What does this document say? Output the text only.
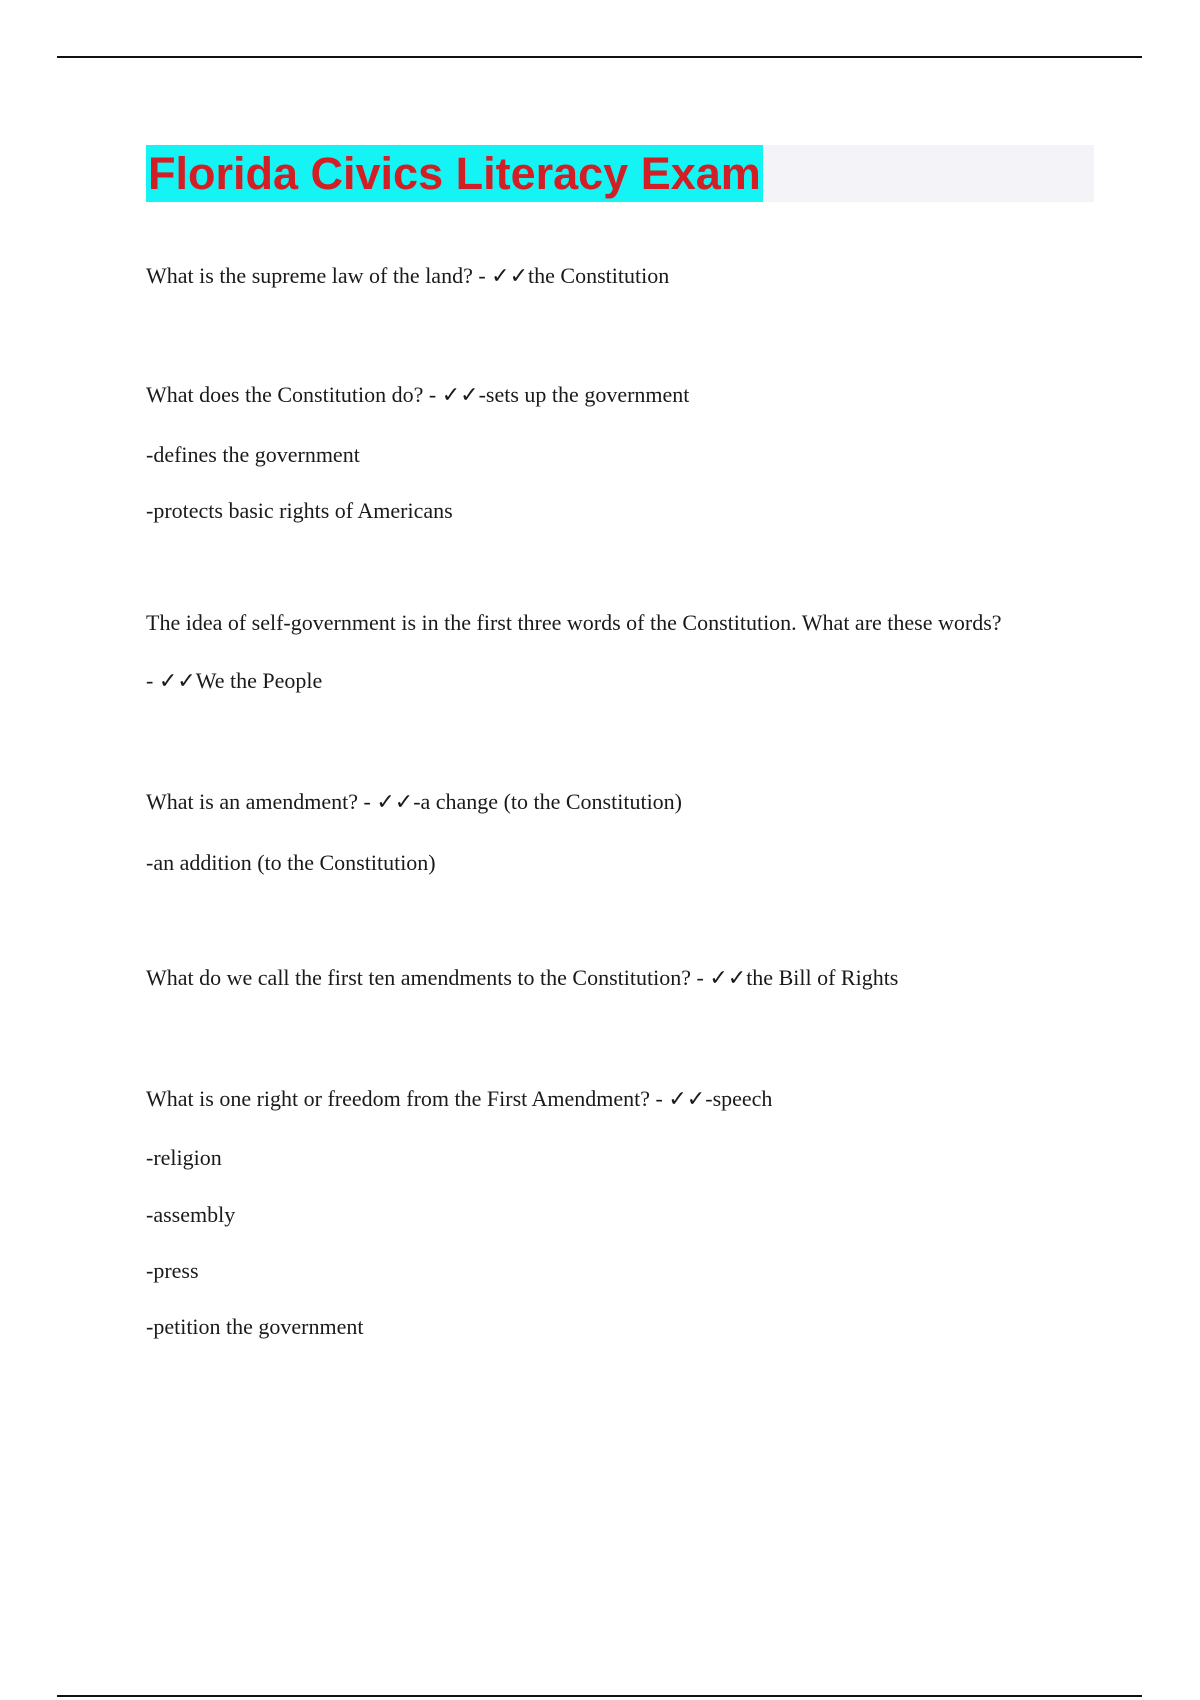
Florida Civics Literacy Exam
What is the supreme law of the land? - ✓✓the Constitution
What does the Constitution do? - ✓✓-sets up the government
-defines the government
-protects basic rights of Americans
The idea of self-government is in the first three words of the Constitution. What are these words?
- ✓✓We the People
What is an amendment? - ✓✓-a change (to the Constitution)
-an addition (to the Constitution)
What do we call the first ten amendments to the Constitution? - ✓✓the Bill of Rights
What is one right or freedom from the First Amendment? - ✓✓-speech
-religion
-assembly
-press
-petition the government
